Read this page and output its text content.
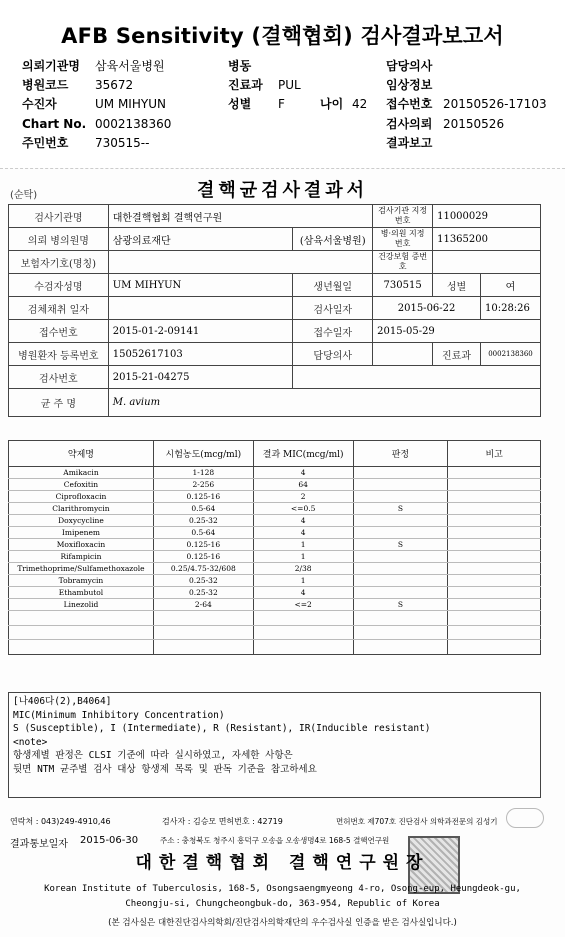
AFB Sensitivity (결핵협회) 검사결과보고서
의뢰기관명 삼육서울병원
병원코드 35672
수진자	UM MIHYUN
Chart No. 0002138360
주민번호 730515--
병동
진료과 PUL
성별 F	나이 42
담당의사
임상정보
접수번호 20150526-17103
검사의뢰 20150526
결과보고
(순탁)	결핵균검사결과서
검사기관명	대한결핵협회 결핵연구원		검사기관 지정번호	11000029	
의뢰 병의원명	삼광의료재단	(삼육서울병원)	병·의원 지정번호	11365200	
보험자기호(명칭)			건강보험 증번호		
수검자성명	UM MIHYUN	생년월일	730515	성별	여
검체채취 일자		검사일자	2015-06-22		10:28:26
접수번호	2015-01-2-09141	접수일자	2015-05-29		
병원환자 등록번호	15052617103	담당의사		진료과	0002138360
검사번호	2015-21-04275				
균 주 명	M. avium				
약제명	시험농도(mcg/ml)	결과 MIC(mcg/ml)	판정	비고
Amikacin	1-128	4		
Cefoxitin	2-256	64		
Ciprofloxacin	0.125-16	2		
Clarithromycin	0.5-64	<=0.5	S	
Doxycycline	0.25-32	4		
Imipenem	0.5-64	4		
Moxifloxacin	0.125-16	1	S	
Rifampicin	0.125-16	1		
Trimethoprime/Sulfamethoxazole	0.25/4.75-32/608	2/38		
Tobramycin	0.25-32	1		
Ethambutol	0.25-32	4		
Linezolid	2-64	<=2	S	

[나406다(2),B4064]
MIC(Minimum Inhibitory Concentration)
S (Susceptible), I (Intermediate), R (Resistant), IR(Inducible resistant)
<note>
항생제별 판정은 CLSI 기준에 따라 실시하였고, 자세한 사항은
뒷면 NTM 균주별 검사 대상 항생제 목록 및 판독 기준을 참고하세요
연락처 : 043)249-4910,46	검사자 : 김승모 면허번호 : 42719	면허번호 제707호 진단검사 의학과전문의 김성기
결과통보일자 2015-06-30	주소 : 충청북도 청주시 흥덕구 오송읍 오송생명4로 168-5 결핵연구원
대한결핵협회 결핵연구원장
Korean Institute of Tuberculosis, 168-5, Osongsaengmyeong 4-ro, Osong-eup, Heungdeok-gu,
Cheongju-si, Chungcheongbuk-do, 363-954, Republic of Korea
(본 검사실은 대한진단검사의학회/진단검사의학재단의 우수검사실 인증을 받은 검사실입니다.)
